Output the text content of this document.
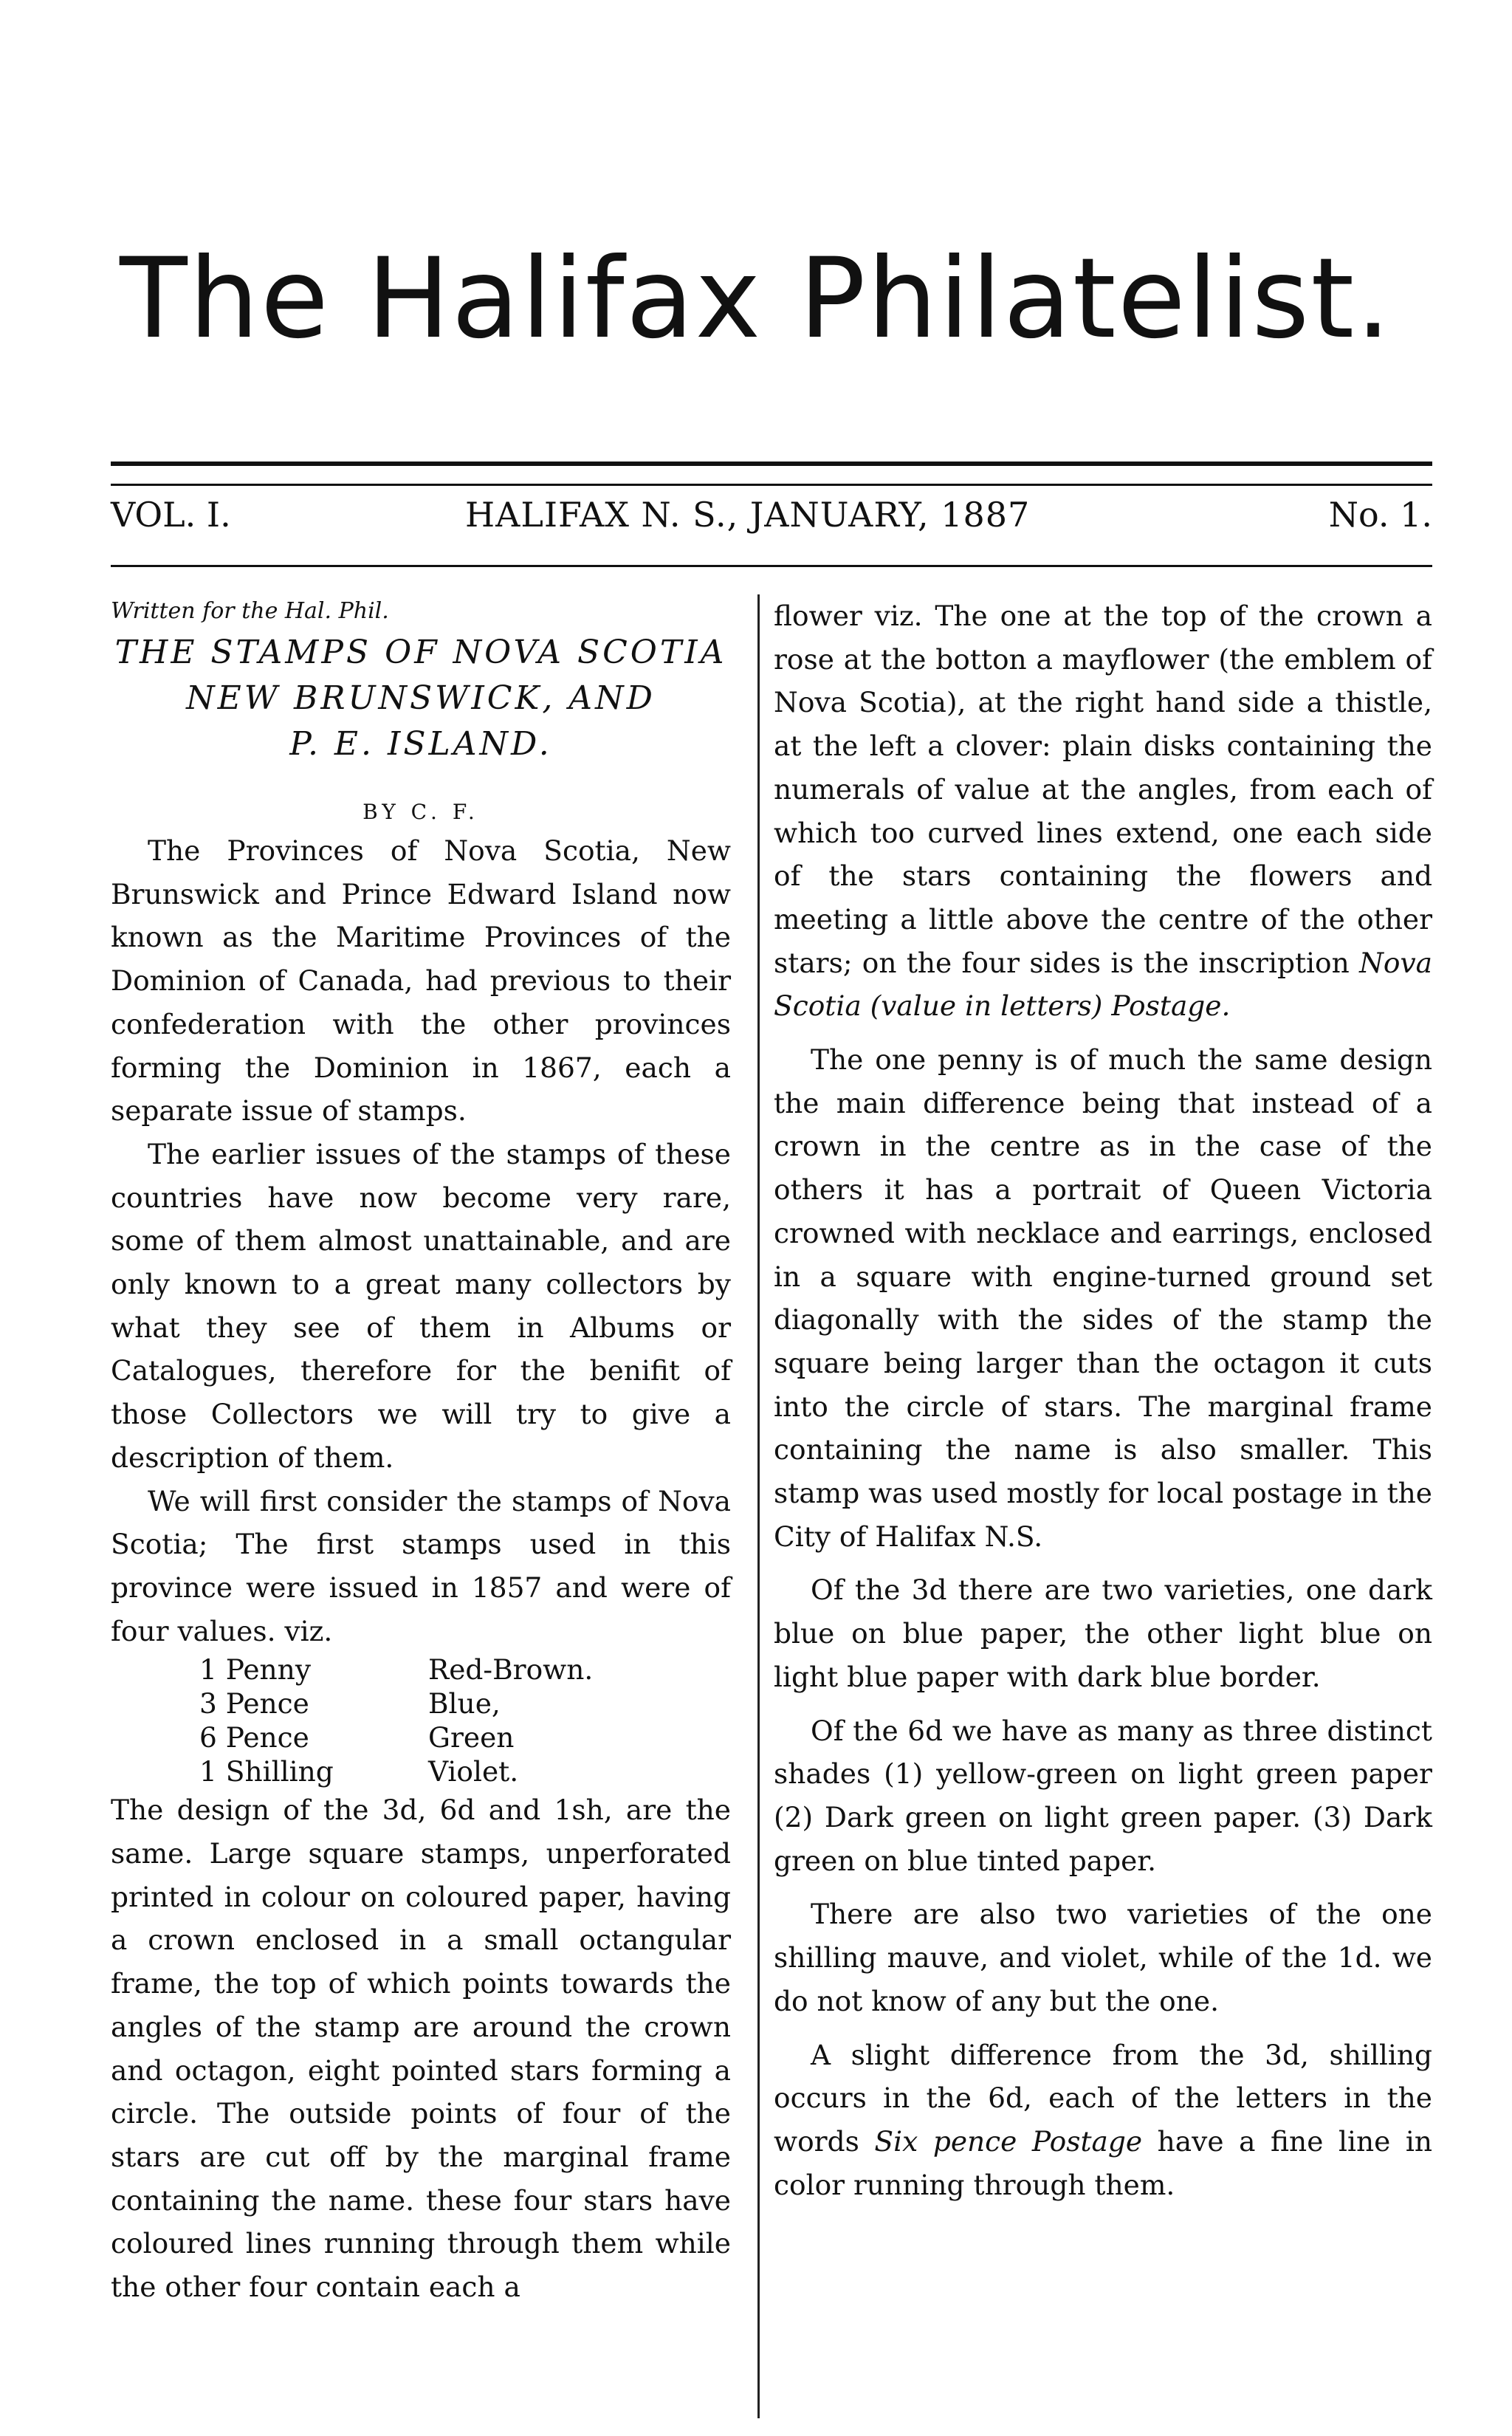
The Halifax Philatelist.
VOL. I.	HALIFAX N. S., JANUARY, 1887	No. 1.
Written for the Hal. Phil.
THE STAMPS OF NOVA SCOTIA
NEW BRUNSWICK, AND
P. E. ISLAND.
BY C. F.

The Provinces of Nova Scotia, New Brunswick and Prince Edward Island now known as the Maritime Provinces of the Dominion of Canada, had previous to their confederation with the other provinces forming the Dominion in 1867, each a separate issue of stamps.

The earlier issues of the stamps of these countries have now become very rare, some of them almost unattainable, and are only known to a great many collectors by what they see of them in Albums or Catalogues, therefore for the benifit of those Collectors we will try to give a description of them.

We will first consider the stamps of Nova Scotia; The first stamps used in this province were issued in 1857 and were of four values. viz.

1 Penny	Red-Brown.
3 Pence	Blue,
6 Pence	Green
1 Shilling	Violet.

The design of the 3d, 6d and 1sh, are the same. Large square stamps, unperforated printed in colour on coloured paper, having a crown enclosed in a small octangular frame, the top of which points towards the angles of the stamp are around the crown and octagon, eight pointed stars forming a circle. The outside points of four of the stars are cut off by the marginal frame containing the name. these four stars have coloured lines running through them while the other four contain each a

flower viz. The one at the top of the crown a rose at the botton a mayflower (the emblem of Nova Scotia), at the right hand side a thistle, at the left a clover: plain disks containing the numerals of value at the angles, from each of which too curved lines extend, one each side of the stars containing the flowers and meeting a little above the centre of the other stars; on the four sides is the inscription Nova Scotia (value in letters) Postage.

The one penny is of much the same design the main difference being that instead of a crown in the centre as in the case of the others it has a portrait of Queen Victoria crowned with necklace and earrings, enclosed in a square with engine-turned ground set diagonally with the sides of the stamp the square being larger than the octagon it cuts into the circle of stars. The marginal frame containing the name is also smaller. This stamp was used mostly for local postage in the City of Halifax N.S.

Of the 3d there are two varieties, one dark blue on blue paper, the other light blue on light blue paper with dark blue border.

Of the 6d we have as many as three distinct shades (1) yellow-green on light green paper (2) Dark green on light green paper. (3) Dark green on blue tinted paper.

There are also two varieties of the one shilling mauve, and violet, while of the 1d. we do not know of any but the one.

A slight difference from the 3d, shilling occurs in the 6d, each of the letters in the words Six pence Postage have a fine line in color running through them.
